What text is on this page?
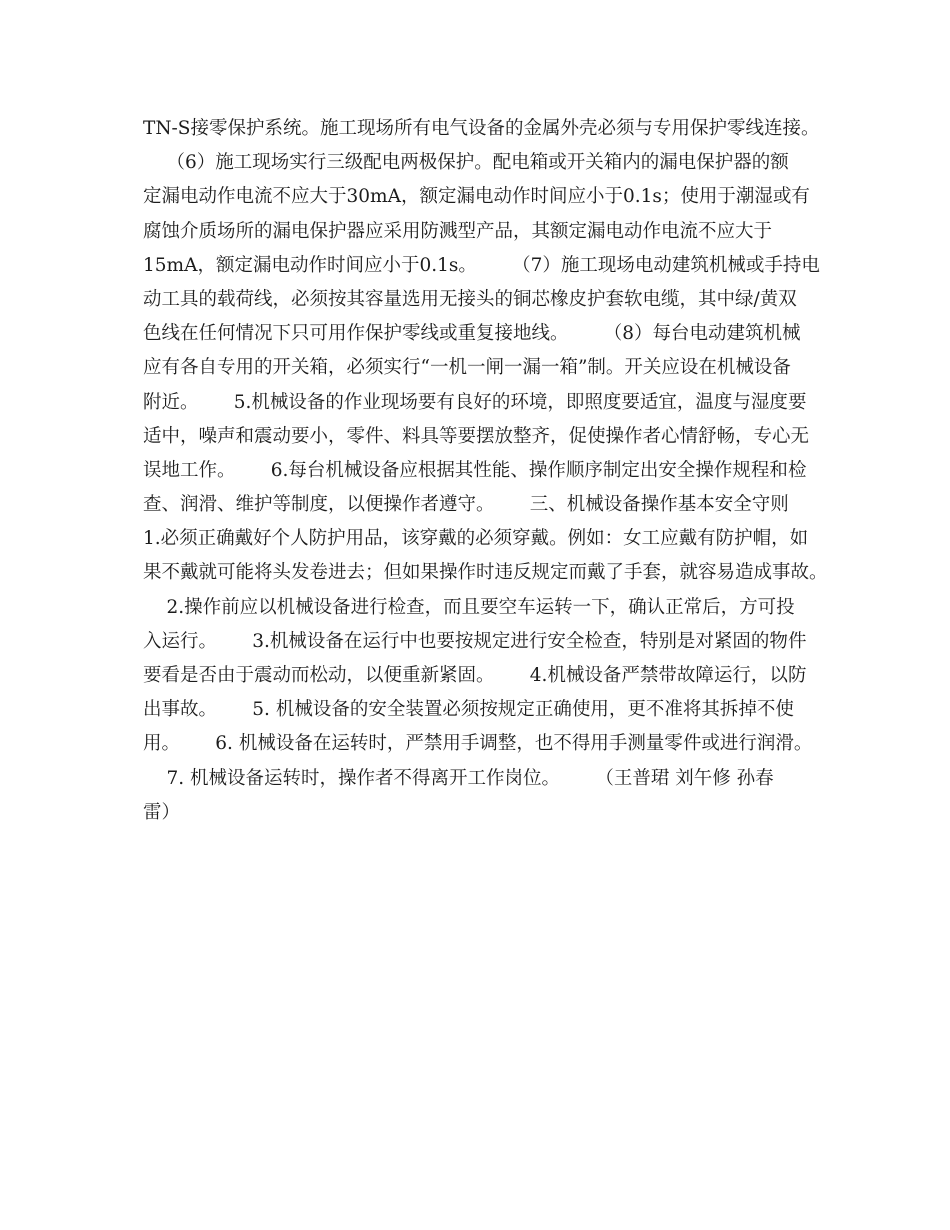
TN-S接零保护系统。施工现场所有电气设备的金属外壳必须与专用保护零线连接。
（6）施工现场实行三级配电两极保护。配电箱或开关箱内的漏电保护器的额
定漏电动作电流不应大于30mA，额定漏电动作时间应小于0.1s；使用于潮湿或有
腐蚀介质场所的漏电保护器应采用防溅型产品，其额定漏电动作电流不应大于
15mA，额定漏电动作时间应小于0.1s。      （7）施工现场电动建筑机械或手持电
动工具的载荷线，必须按其容量选用无接头的铜芯橡皮护套软电缆，其中绿/黄双
色线在任何情况下只可用作保护零线或重复接地线。      （8）每台电动建筑机械
应有各自专用的开关箱，必须实行“一机一闸一漏一箱”制。开关应设在机械设备
附近。      5.机械设备的作业现场要有良好的环境，即照度要适宜，温度与湿度要
适中，噪声和震动要小，零件、料具等要摆放整齐，促使操作者心情舒畅，专心无
误地工作。      6.每台机械设备应根据其性能、操作顺序制定出安全操作规程和检
查、润滑、维护等制度，以便操作者遵守。      三、机械设备操作基本安全守则
1.必须正确戴好个人防护用品，该穿戴的必须穿戴。例如：女工应戴有防护帽，如
果不戴就可能将头发卷进去；但如果操作时违反规定而戴了手套，就容易造成事故。
2.操作前应以机械设备进行检查，而且要空车运转一下，确认正常后，方可投
入运行。      3.机械设备在运行中也要按规定进行安全检查，特别是对紧固的物件
要看是否由于震动而松动，以便重新紧固。      4.机械设备严禁带故障运行，以防
出事故。      5. 机械设备的安全装置必须按规定正确使用，更不准将其拆掉不使
用。      6. 机械设备在运转时，严禁用手调整，也不得用手测量零件或进行润滑。
7. 机械设备运转时，操作者不得离开工作岗位。      （王普珺 刘午修 孙春
雷）
